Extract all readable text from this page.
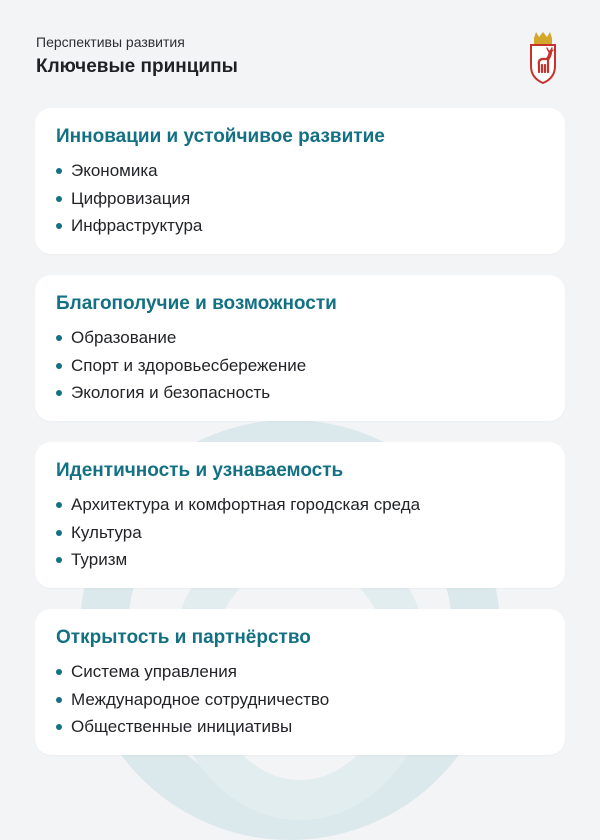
Перспективы развития

Ключевые принципы
Инновации и устойчивое развитие
Экономика
Цифровизация
Инфраструктура
Благополучие и возможности
Образование
Спорт и здоровьесбережение
Экология и безопасность
Идентичность и узнаваемость
Архитектура и комфортная городская среда
Культура
Туризм
Открытость и партнёрство
Система управления
Международное сотрудничество
Общественные инициативы
